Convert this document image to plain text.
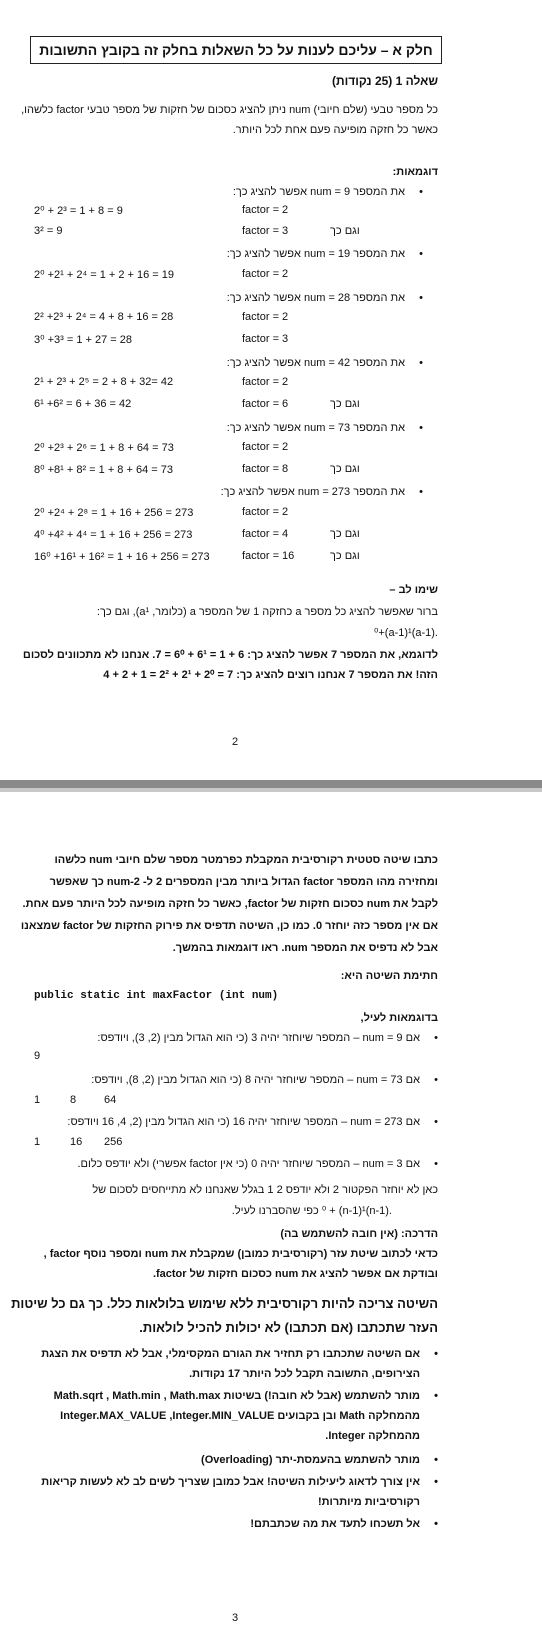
חלק א – עליכם לענות על כל השאלות בחלק זה בקובץ התשובות
שאלה 1 (25 נקודות)
כל מספר טבעי (שלם חיובי) num ניתן להציג כסכום של חזקות של מספר טבעי factor כלשהו,
כאשר כל חזקה מופיעה פעם אחת לכל היותר.
דוגמאות:
• את המספר num = 9 אפשר להציג כך:
factor = 2
2⁰ + 2³ = 1 + 8 = 9
factor = 3	וגם כך
3² = 9
• את המספר num = 19 אפשר להציג כך:
factor = 2
2⁰ +2¹ + 2⁴ = 1 + 2 + 16 = 19
• את המספר num = 28 אפשר להציג כך:
factor = 2
2² +2³ + 2⁴ = 4 + 8 + 16 = 28
factor = 3
3⁰ +3³ = 1 + 27 = 28
• את המספר num = 42 אפשר להציג כך:
factor = 2
2¹ + 2³ + 2⁵ = 2 + 8 + 32= 42
factor = 6	וגם כך
6¹ +6² = 6 + 36 = 42
• את המספר num = 73 אפשר להציג כך:
factor = 2
2⁰ +2³ + 2⁶ = 1 + 8 + 64 = 73
factor = 8	וגם כך
8⁰ +8¹ + 8² = 1 + 8 + 64 = 73
• את המספר num = 273 אפשר להציג כך:
factor = 2
2⁰ +2⁴ + 2⁸ = 1 + 16 + 256 = 273
factor = 4	וגם כך
4⁰ +4² + 4⁴ = 1 + 16 + 256 = 273
factor = 16	וגם כך
16⁰ +16¹ + 16² = 1 + 16 + 256 = 273
שימו לב –
ברור שאפשר להציג כל מספר a כחזקה 1 של המספר a (כלומר, a¹), וגם כך:
.(a-1)⁰+(a-1)¹
לדוגמא, את המספר 7 אפשר להציג כך: 6 + 1 = 6¹ + 6⁰ = 7. אנחנו לא מתכוונים לסכום
הזה! את המספר 7 אנחנו רוצים להציג כך: 7 = 2⁰ + 2¹ + 2² = 1 + 2 + 4
2
כתבו שיטה סטטית רקורסיבית המקבלת כפרמטר מספר שלם חיובי num כלשהו
ומחזירה מהו המספר factor הגדול ביותר מבין המספרים 2 ל- num-2 כך שאפשר
לקבל את num כסכום חזקות של factor, כאשר כל חזקה מופיעה לכל היותר פעם אחת.
אם אין מספר כזה יוחזר 0. כמו כן, השיטה תדפיס את פירוק החזקות של factor שמצאנו
אבל לא נדפיס את המספר num. ראו דוגמאות בהמשך.
חתימת השיטה היא:
public static int maxFactor (int num)
בדוגמאות לעיל,
• אם num = 9 – המספר שיוחזר יהיה 3 (כי הוא הגדול מבין (2, 3), ויודפס:
9
• אם num = 73 – המספר שיוחזר יהיה 8 (כי הוא הגדול מבין (2, 8), ויודפס:
1	8	64
• אם num = 273 – המספר שיוחזר יהיה 16 (כי הוא הגדול מבין (2, 4, 16 ויודפס:
1	16 256
• אם num = 3 – המספר שיוחזר יהיה 0 (כי אין factor אפשרי) ולא יודפס כלום.
כאן לא יוחזר הפקטור 2 ולא יודפס 2 1 בגלל שאנחנו לא מתייחסים לסכום של
.(n-1)⁰ + (n-1)¹ כפי שהסברנו לעיל.
הדרכה: (אין חובה להשתמש בה)
כדאי לכתוב שיטת עזר (רקורסיבית כמובן) שמקבלת את num ומספר נוסף factor ,
ובודקת אם אפשר להציג את num כסכום חזקות של factor.
השיטה צריכה להיות רקורסיבית ללא שימוש בלולאות כלל. כך גם כל שיטות
העזר שתכתבו (אם תכתבו) לא יכולות להכיל לולאות.
• אם השיטה שתכתבו רק תחזיר את הגורם המקסימלי, אבל לא תדפיס את הצגת
הצירופים, התשובה תקבל לכל היותר 17 נקודות.
• מותר להשתמש (אבל לא חובה!) בשיטות Math.sqrt , Math.min , Math.max
מהמחלקה Math ובן בקבועים Integer.MAX_VALUE ,Integer.MIN_VALUE
מהמחלקה Integer.
• מותר להשתמש בהעמסת-יתר (Overloading)
• אין צורך לדאוג ליעילות השיטה! אבל כמובן שצריך לשים לב לא לעשות קריאות
רקורסיביות מיותרות!
• אל תשכחו לתעד את מה שכתבתם!
3
